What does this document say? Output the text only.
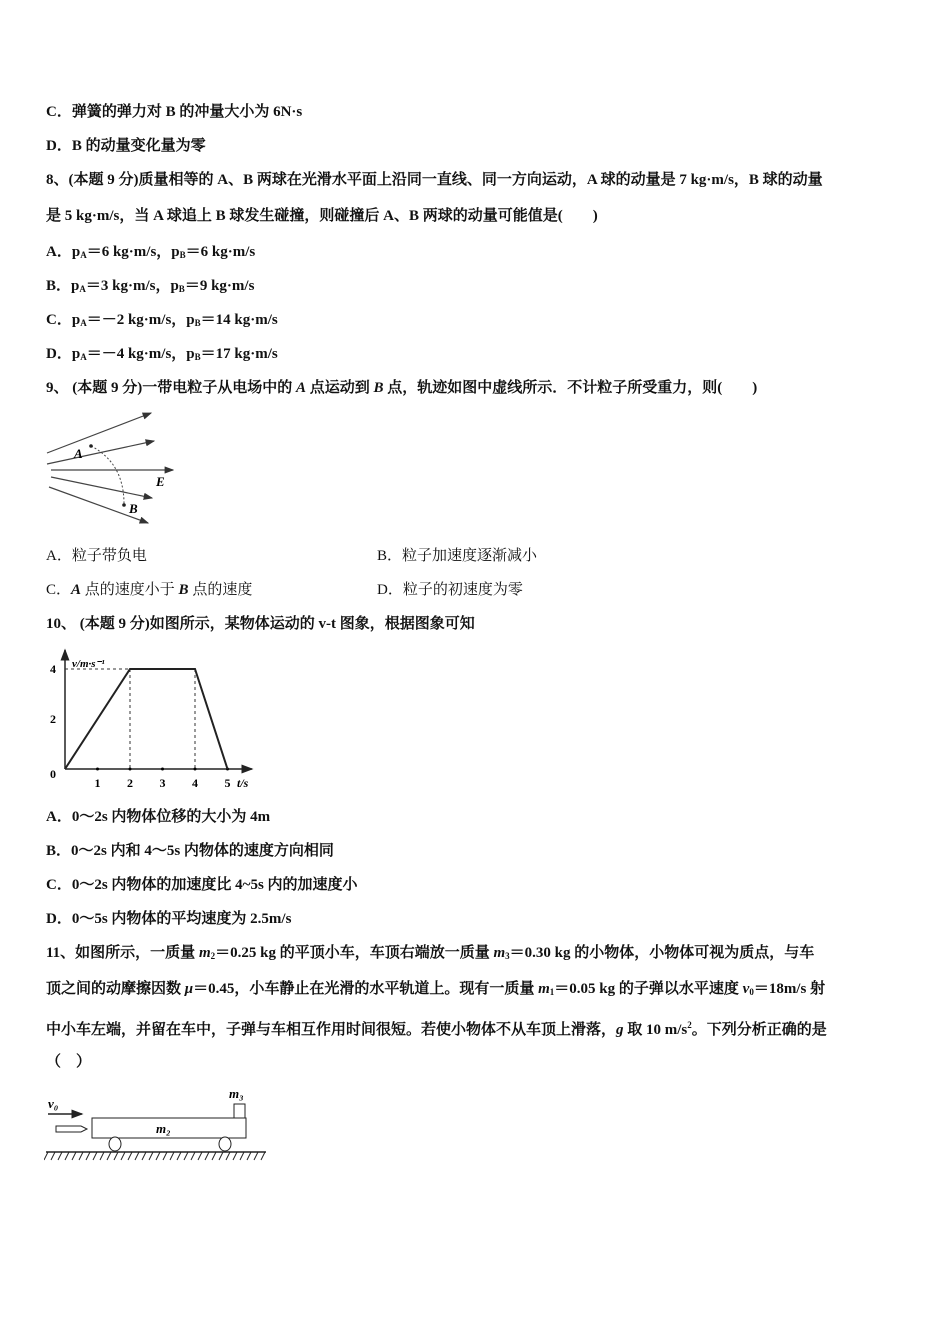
C．弹簧的弹力对 B 的冲量大小为 6N·s
D．B 的动量变化量为零
8、(本题 9 分)质量相等的 A、B 两球在光滑水平面上沿同一直线、同一方向运动，A 球的动量是 7 kg·m/s，B 球的动量
是 5 kg·m/s，当 A 球追上 B 球发生碰撞，则碰撞后 A、B 两球的动量可能值是(　　)
A．$p_A=6$ kg·m/s，$p_B=6$ kg·m/s
B．$p_A=3$ kg·m/s，$p_B=9$ kg·m/s
C．$p_A=-2$ kg·m/s，$p_B=14$ kg·m/s
D．$p_A=-4$ kg·m/s，$p_B=17$ kg·m/s
9、 (本题 9 分)一带电粒子从电场中的 A 点运动到 B 点，轨迹如图中虚线所示．不计粒子所受重力，则(　　)
A
B
E
A．粒子带负电	B．粒子加速度逐渐减小
C．A 点的速度小于 B 点的速度	D．粒子的初速度为零
10、 (本题 9 分)如图所示，某物体运动的 v-t 图象，根据图象可知
v/m·s⁻¹
t/s
0
1 2 3 4 5
2
4
A．0～2s 内物体位移的大小为 4m
B．0～2s 内和 4～5s 内物体的速度方向相同
C．0～2s 内物体的加速度比 4~5s 内的加速度小
D．0～5s 内物体的平均速度为 2.5m/s
11、如图所示，一质量 $m_2=0.25$ kg 的平顶小车，车顶右端放一质量 $m_3=0.30$ kg 的小物体，小物体可视为质点，与车
顶之间的动摩擦因数 μ＝0.45，小车静止在光滑的水平轨道上。现有一质量 $m_1=0.05$ kg 的子弹以水平速度 $v_0=18m/s$ 射
中小车左端，并留在车中，子弹与车相互作用时间很短。若使小物体不从车顶上滑落，g 取 10 $m/s^2$。下列分析正确的是
（　）
v₀
m₂
m₃
